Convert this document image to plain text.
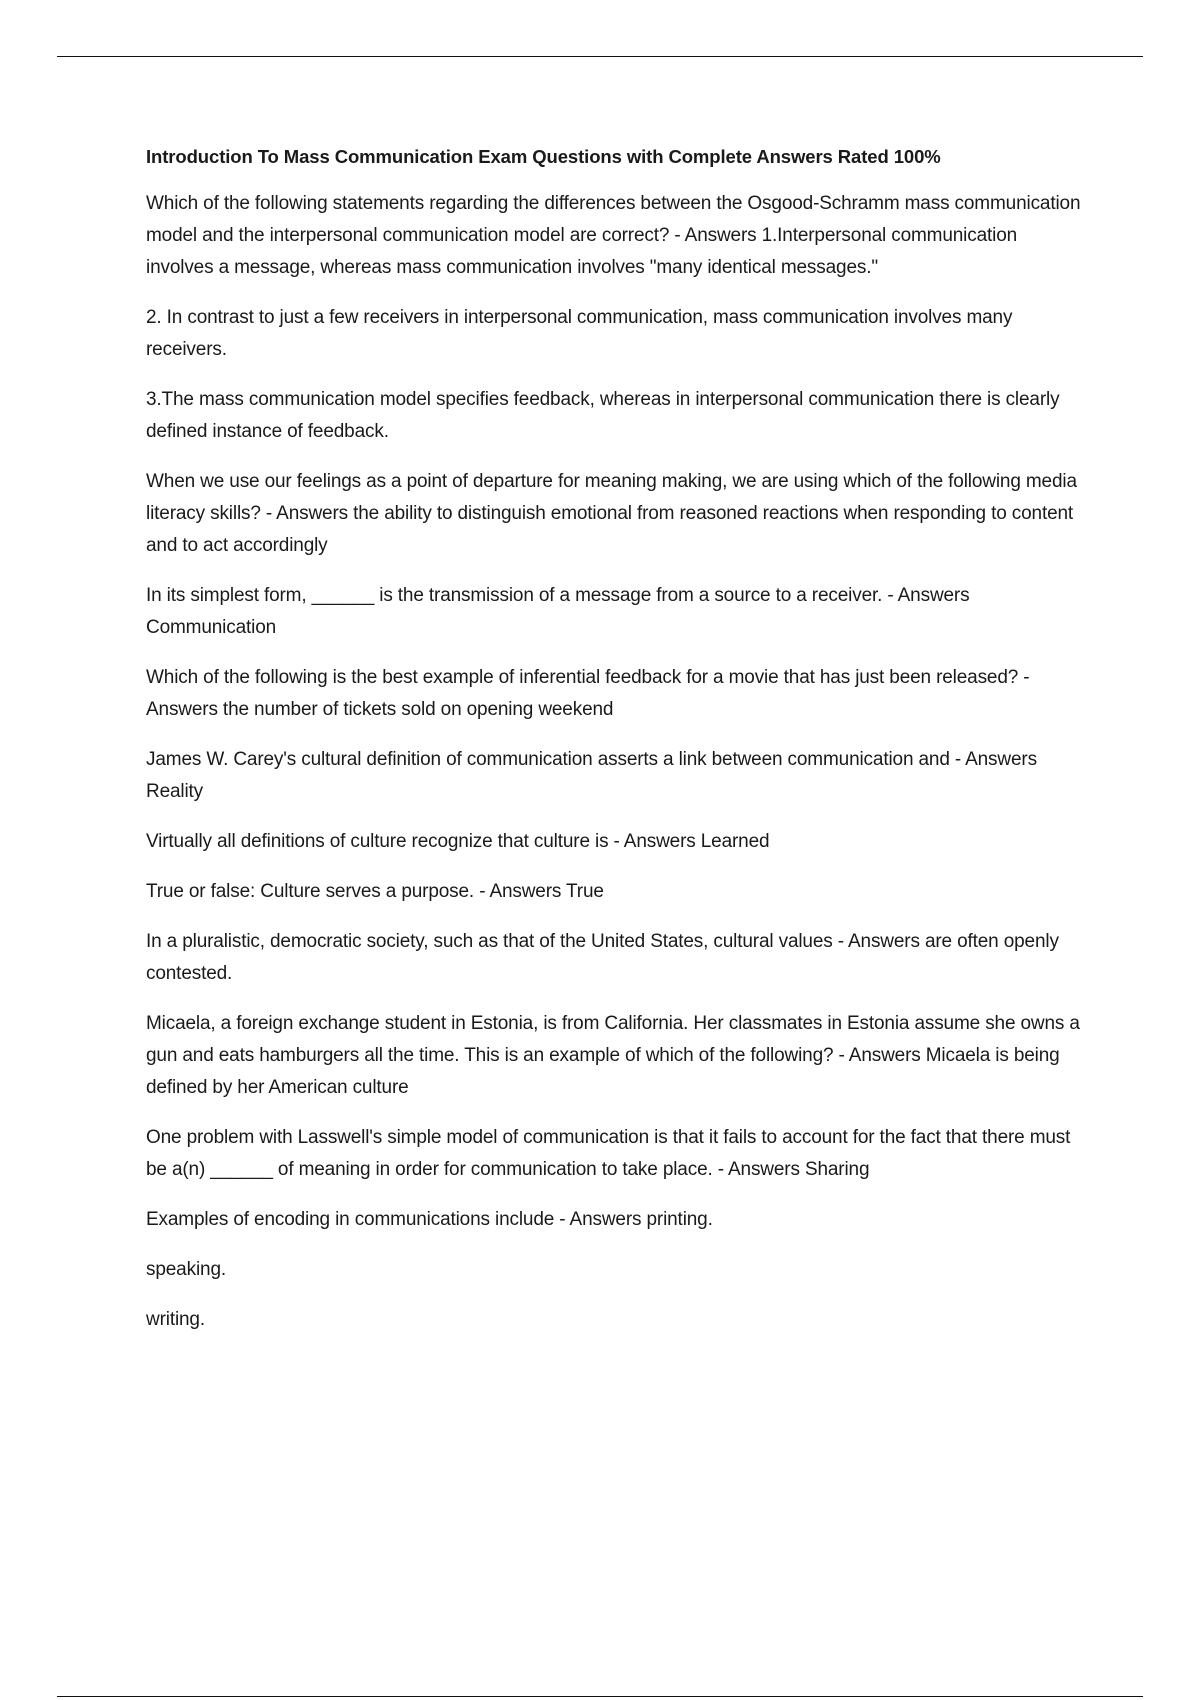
Introduction To Mass Communication Exam Questions with Complete Answers Rated 100%

Which of the following statements regarding the differences between the Osgood-Schramm mass communication model and the interpersonal communication model are correct? - Answers 1.Interpersonal communication involves a message, whereas mass communication involves "many identical messages."

2. In contrast to just a few receivers in interpersonal communication, mass communication involves many receivers.

3.The mass communication model specifies feedback, whereas in interpersonal communication there is clearly defined instance of feedback.

When we use our feelings as a point of departure for meaning making, we are using which of the following media literacy skills? - Answers the ability to distinguish emotional from reasoned reactions when responding to content and to act accordingly

In its simplest form, ______ is the transmission of a message from a source to a receiver. - Answers Communication

Which of the following is the best example of inferential feedback for a movie that has just been released? - Answers the number of tickets sold on opening weekend

James W. Carey's cultural definition of communication asserts a link between communication and - Answers Reality

Virtually all definitions of culture recognize that culture is - Answers Learned

True or false: Culture serves a purpose. - Answers True

In a pluralistic, democratic society, such as that of the United States, cultural values - Answers are often openly contested.

Micaela, a foreign exchange student in Estonia, is from California. Her classmates in Estonia assume she owns a gun and eats hamburgers all the time. This is an example of which of the following? - Answers Micaela is being defined by her American culture

One problem with Lasswell's simple model of communication is that it fails to account for the fact that there must be a(n) ______ of meaning in order for communication to take place. - Answers Sharing

Examples of encoding in communications include - Answers printing.

speaking.

writing.
